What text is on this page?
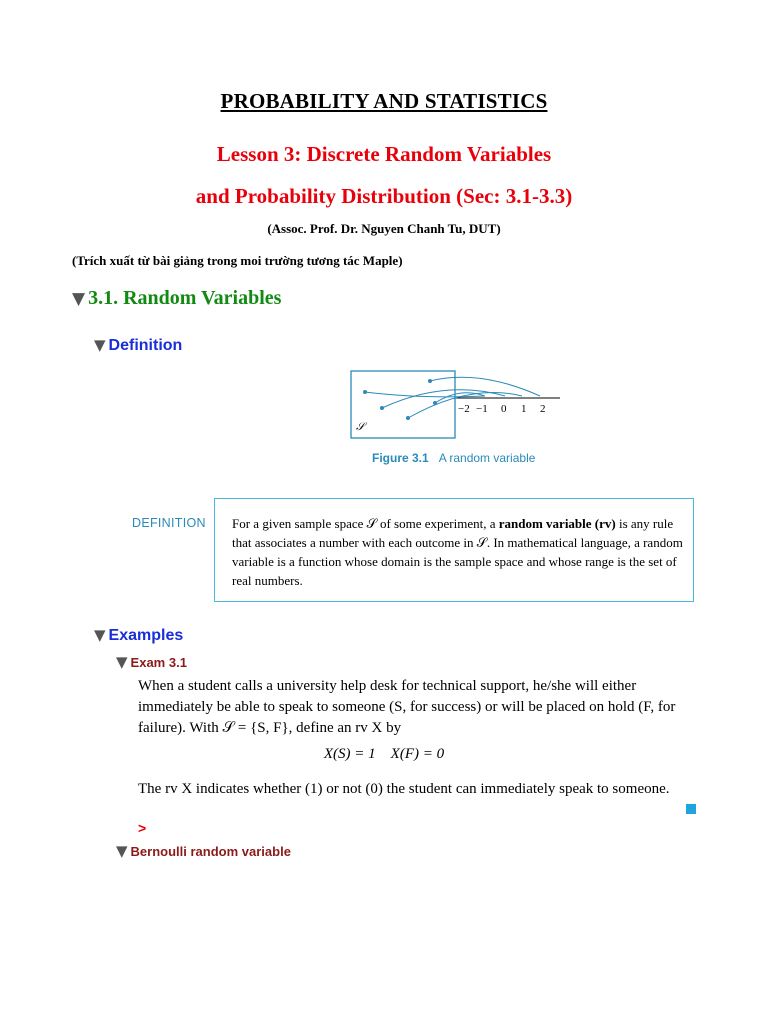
PROBABILITY AND STATISTICS
Lesson 3: Discrete Random Variables
and Probability Distribution (Sec: 3.1-3.3)
(Assoc. Prof. Dr. Nguyen Chanh Tu, DUT)
(Trích xuất từ bài giảng trong moi trường tương tác Maple)
▼ 3.1. Random Variables
▼ Definition
−2 −1 0 1 2
𝒮
Figure 3.1 A random variable
DEFINITION For a given sample space 𝒮 of some experiment, a random variable (rv) is any rule that associates a number with each outcome in 𝒮. In mathematical language, a random variable is a function whose domain is the sample space and whose range is the set of real numbers.
▼ Examples
▼ Exam 3.1
When a student calls a university help desk for technical support, he/she will either immediately be able to speak to someone (S, for success) or will be placed on hold (F, for failure). With 𝒮 = {S, F}, define an rv X by
X(S) = 1 X(F) = 0
The rv X indicates whether (1) or not (0) the student can immediately speak to someone.
>
▼ Bernoulli random variable
